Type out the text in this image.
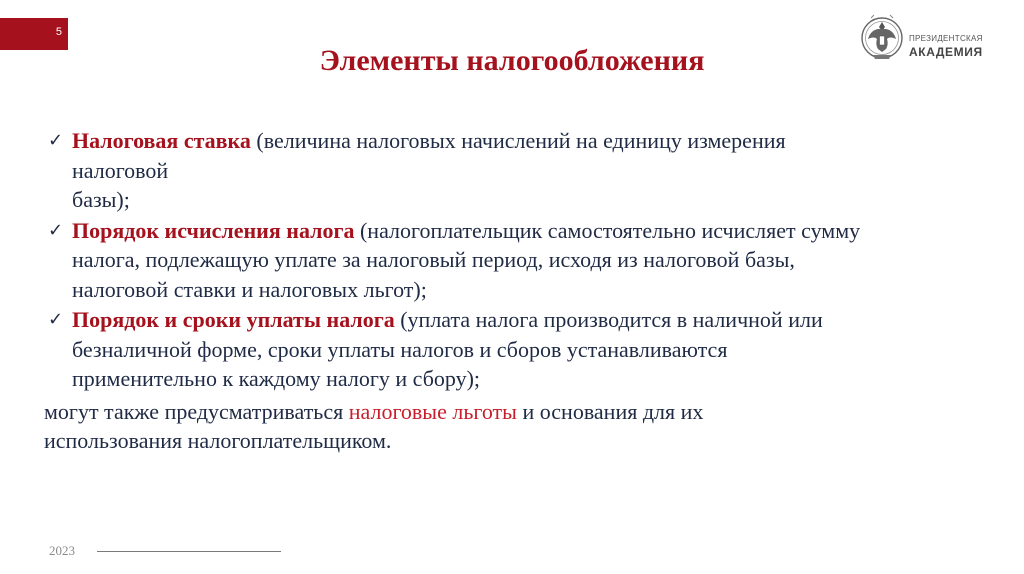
5
Элементы налогообложения
ПРЕЗИДЕНТСКАЯ
АКАДЕМИЯ
✓ Налоговая ставка (величина налоговых начислений на единицу измерения
налоговой
базы);
✓ Порядок исчисления налога (налогоплательщик самостоятельно исчисляет сумму
налога, подлежащую уплате за налоговый период, исходя из налоговой базы,
налоговой ставки и налоговых льгот);
✓ Порядок и сроки уплаты налога (уплата налога производится в наличной или
безналичной форме, сроки уплаты налогов и сборов устанавливаются
применительно к каждому налогу и сбору);

могут также предусматриваться налоговые льготы и основания для их
использования налогоплательщиком.

2023
